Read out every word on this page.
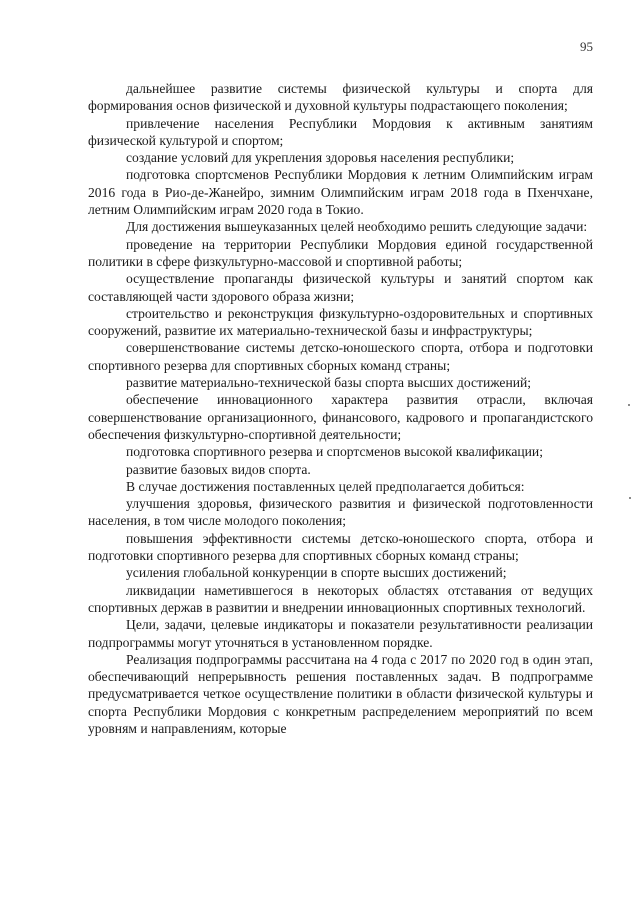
95

дальнейшее развитие системы физической культуры и спорта для формирования основ физической и духовной культуры подрастающего поколения;

привлечение населения Республики Мордовия к активным занятиям физической культурой и спортом;

создание условий для укрепления здоровья населения республики;

подготовка спортсменов Республики Мордовия к летним Олимпийским играм 2016 года в Рио-де-Жанейро, зимним Олимпийским играм 2018 года в Пхенчхане, летним Олимпийским играм 2020 года в Токио.

Для достижения вышеуказанных целей необходимо решить следующие задачи:

проведение на территории Республики Мордовия единой государственной политики в сфере физкультурно-массовой и спортивной работы;

осуществление пропаганды физической культуры и занятий спортом как составляющей части здорового образа жизни;

строительство и реконструкция физкультурно-оздоровительных и спортивных сооружений, развитие их материально-технической базы и инфраструктуры;

совершенствование системы детско-юношеского спорта, отбора и подготовки спортивного резерва для спортивных сборных команд страны;

развитие материально-технической базы спорта высших достижений;

обеспечение инновационного характера развития отрасли, включая совершенствование организационного, финансового, кадрового и пропагандистского обеспечения физкультурно-спортивной деятельности;

подготовка спортивного резерва и спортсменов высокой квалификации;

развитие базовых видов спорта.

В случае достижения поставленных целей предполагается добиться:

улучшения здоровья, физического развития и физической подготовленности населения, в том числе молодого поколения;

повышения эффективности системы детско-юношеского спорта, отбора и подготовки спортивного резерва для спортивных сборных команд страны;

усиления глобальной конкуренции в спорте высших достижений;

ликвидации наметившегося в некоторых областях отставания от ведущих спортивных держав в развитии и внедрении инновационных спортивных технологий.

Цели, задачи, целевые индикаторы и показатели результативности реализации подпрограммы могут уточняться в установленном порядке.

Реализация подпрограммы рассчитана на 4 года с 2017 по 2020 год в один этап, обеспечивающий непрерывность решения поставленных задач. В подпрограмме предусматривается четкое осуществление политики в области физической культуры и спорта Республики Мордовия с конкретным распределением мероприятий по всем уровням и направлениям, которые
